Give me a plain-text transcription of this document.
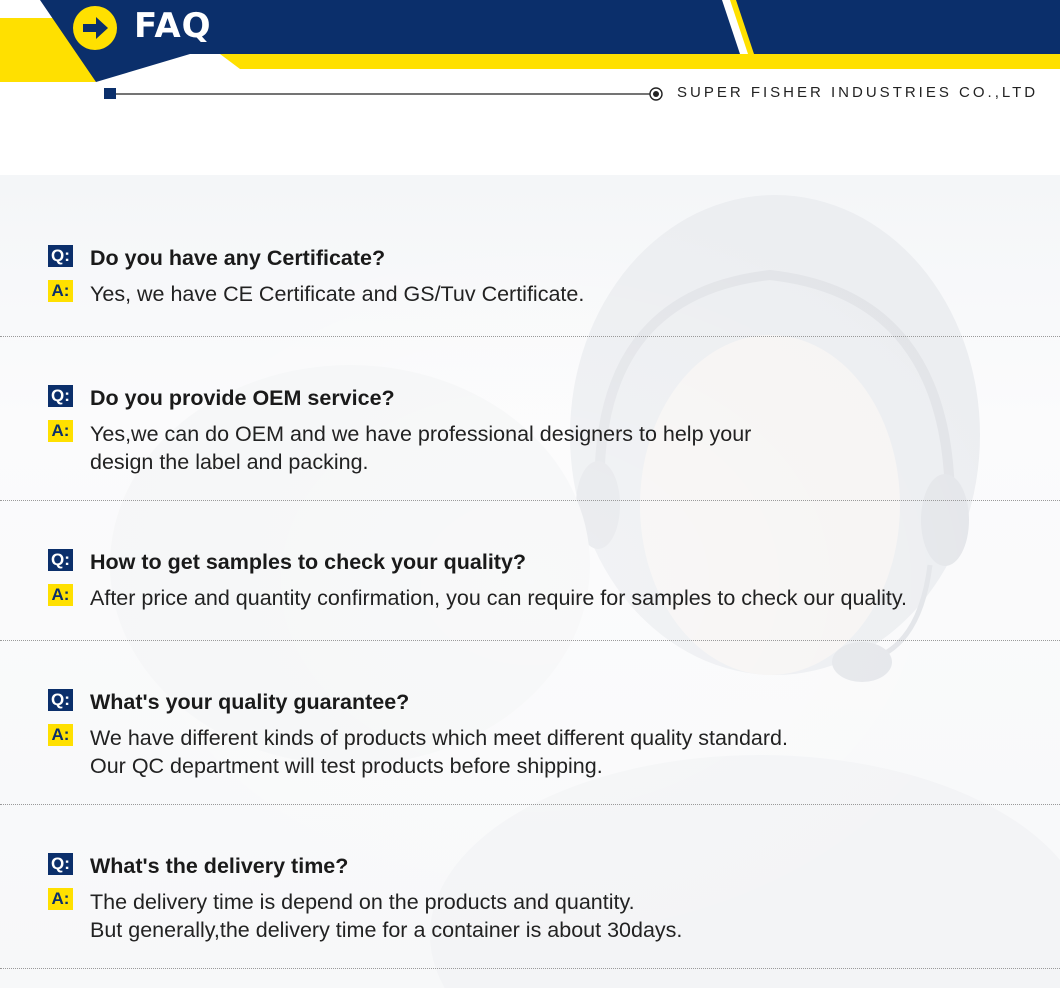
FAQ
SUPER FISHER INDUSTRIES CO.,LTD
Q: Do you have any Certificate?
A: Yes, we have CE Certificate and GS/Tuv Certificate.
Q: Do you provide OEM service?
A: Yes,we can do OEM and we have professional designers to help your
design the label and packing.
Q: How to get samples to check your quality?
A: After price and quantity confirmation, you can require for samples to check our quality.
Q: What's your quality guarantee?
A: We have different kinds of products which meet different quality standard.
Our QC department will test products before shipping.
Q: What's the delivery time?
A: The delivery time is depend on the products and quantity.
But generally,the delivery time for a container is about 30days.
